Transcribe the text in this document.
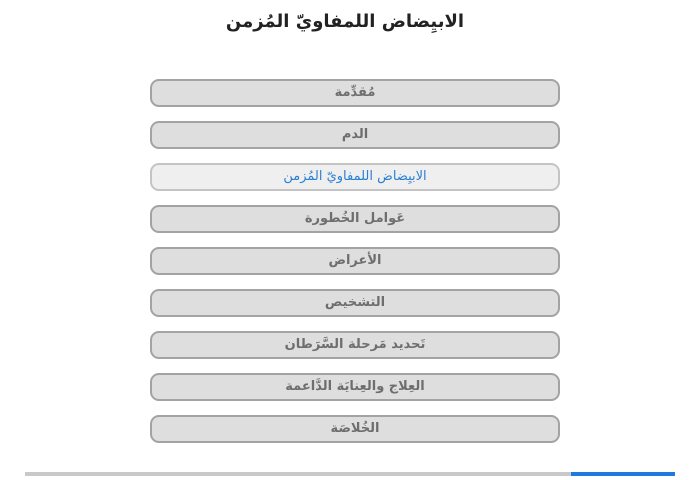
الابيِضاض اللمفاويّ المُزمن
مُقدِّمة
الدم
الابيِضاض اللمفاويّ المُزمن
عَوامل الخُطورة
الأعراض
التشخيص
تَحديد مَرحلة السَّرَطان
العِلاج والعِنايَة الدَّاعمة
الخُلاصَة
